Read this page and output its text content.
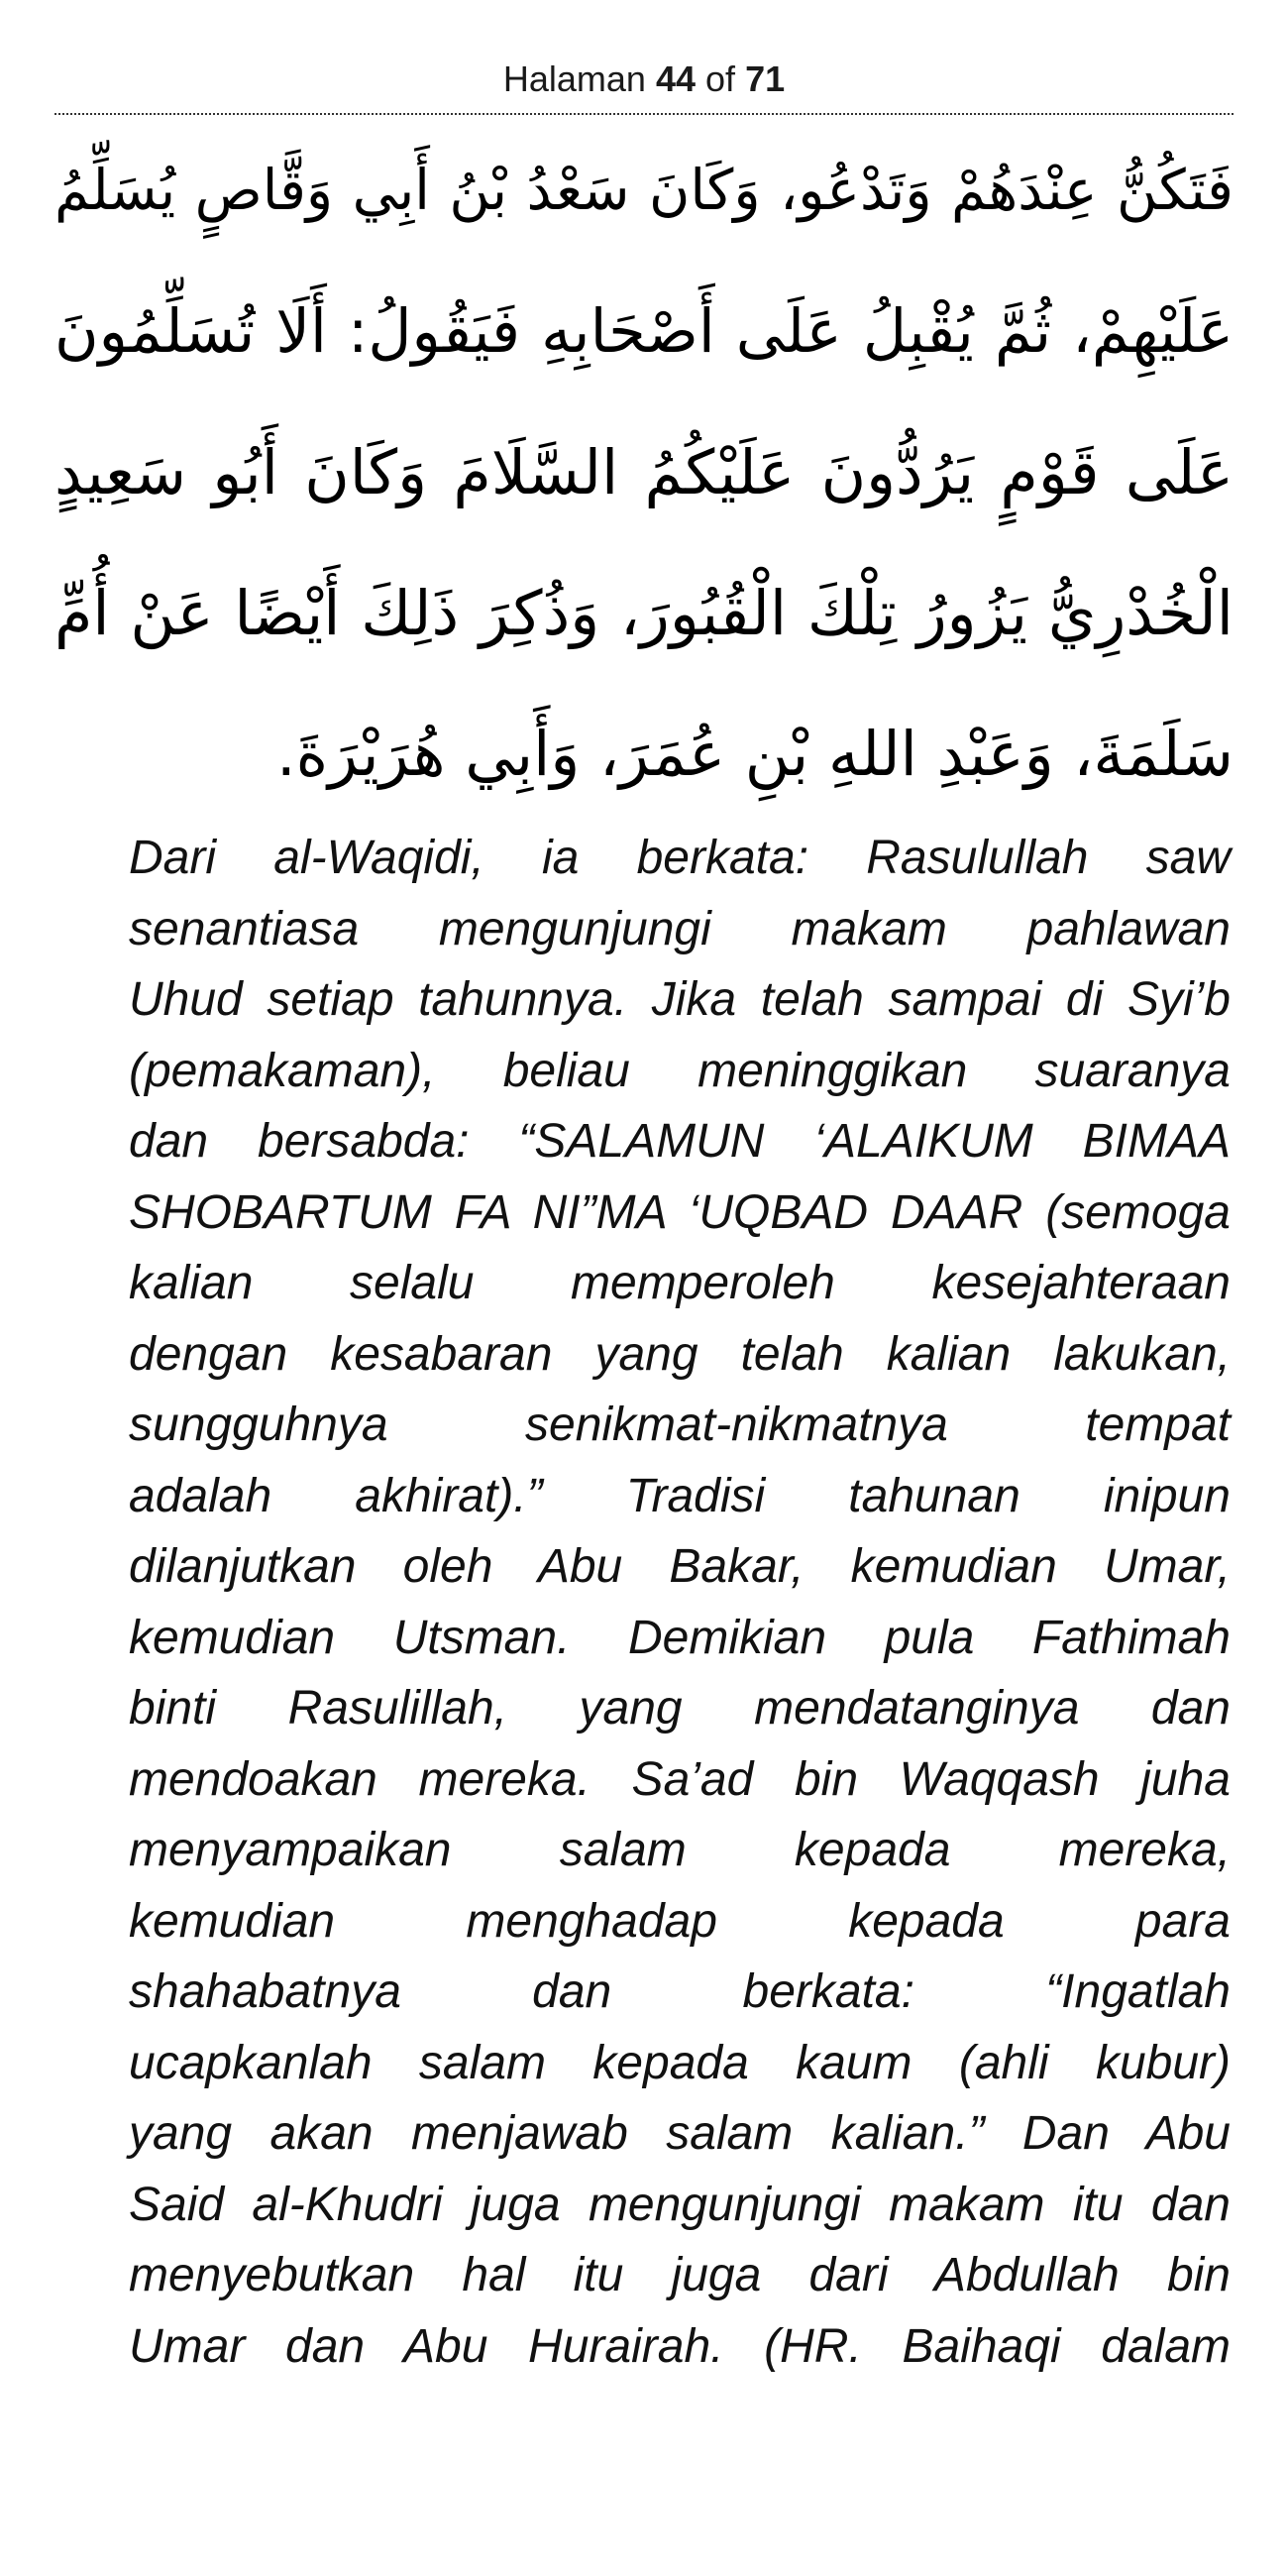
Halaman 44 of 71
فَتَكُنُّ عِنْدَهُمْ وَتَدْعُو، وَكَانَ سَعْدُ بْنُ أَبِي وَقَّاصٍ يُسَلِّمُ
عَلَيْهِمْ، ثُمَّ يُقْبِلُ عَلَى أَصْحَابِهِ فَيَقُولُ: أَلَا تُسَلِّمُونَ
عَلَى قَوْمٍ يَرُدُّونَ عَلَيْكُمُ السَّلَامَ وَكَانَ أَبُو سَعِيدٍ
الْخُدْرِيُّ يَزُورُ تِلْكَ الْقُبُورَ، وَذُكِرَ ذَلِكَ أَيْضًا عَنْ أُمِّ
سَلَمَةَ، وَعَبْدِ اللهِ بْنِ عُمَرَ، وَأَبِي هُرَيْرَةَ.
Dari al-Waqidi, ia berkata: Rasulullah saw
senantiasa mengunjungi makam pahlawan
Uhud setiap tahunnya. Jika telah sampai di Syi’b
(pemakaman), beliau meninggikan suaranya
dan bersabda: “SALAMUN ‘ALAIKUM BIMAA
SHOBARTUM FA NI”MA ‘UQBAD DAAR (semoga
kalian selalu memperoleh kesejahteraan
dengan kesabaran yang telah kalian lakukan,
sungguhnya senikmat-nikmatnya tempat
adalah akhirat).” Tradisi tahunan inipun
dilanjutkan oleh Abu Bakar, kemudian Umar,
kemudian Utsman. Demikian pula Fathimah
binti Rasulillah, yang mendatanginya dan
mendoakan mereka. Sa’ad bin Waqqash juha
menyampaikan salam kepada mereka,
kemudian menghadap kepada para
shahabatnya dan berkata: “Ingatlah
ucapkanlah salam kepada kaum (ahli kubur)
yang akan menjawab salam kalian.” Dan Abu
Said al-Khudri juga mengunjungi makam itu dan
menyebutkan hal itu juga dari Abdullah bin
Umar dan Abu Hurairah. (HR. Baihaqi dalam
